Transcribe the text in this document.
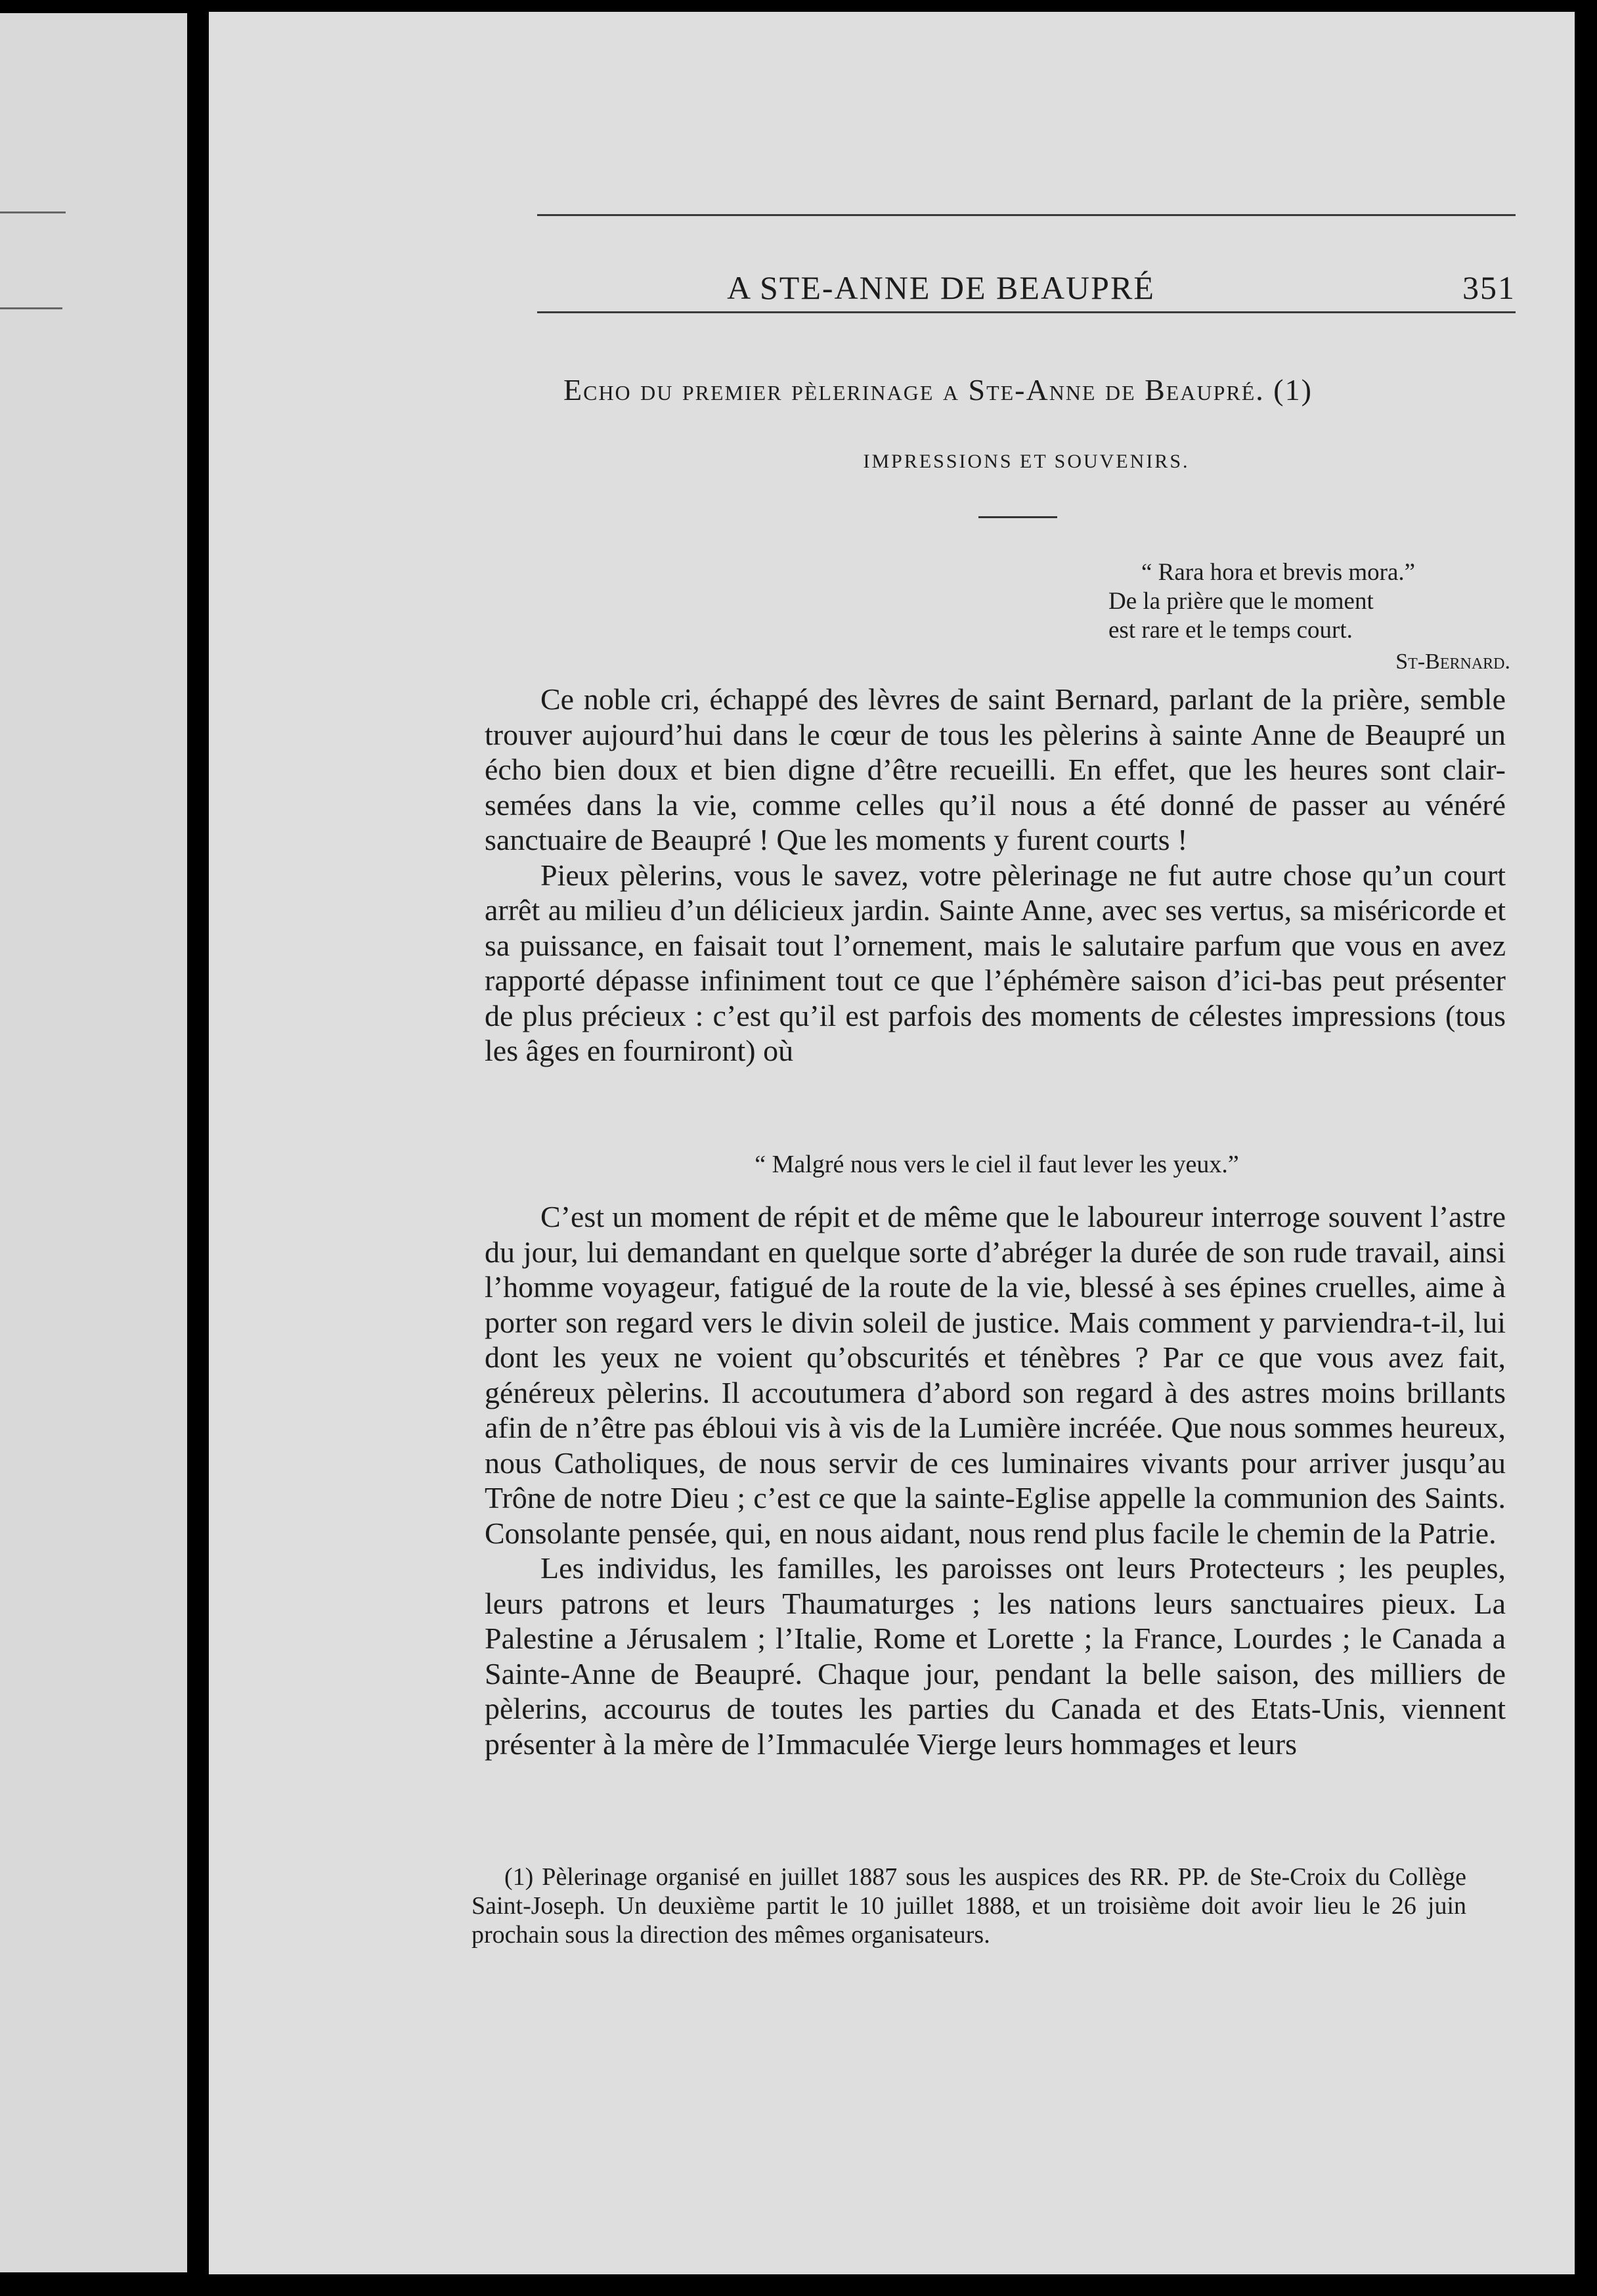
A STE-ANNE DE BEAUPRÉ	351
Echo du premier pèlerinage a Ste-Anne de Beaupré. (1)
IMPRESSIONS ET SOUVENIRS.
“ Rara hora et brevis mora.”
De la prière que le moment
est rare et le temps court.
St-Bernard.

Ce noble cri, échappé des lèvres de saint Bernard, parlant de la prière, semble trouver aujourd’hui dans le cœur de tous les pèlerins à sainte Anne de Beaupré un écho bien doux et bien digne d’être recueilli. En effet, que les heures sont clair-semées dans la vie, comme celles qu’il nous a été donné de passer au vénéré sanctuaire de Beaupré ! Que les moments y furent courts !

Pieux pèlerins, vous le savez, votre pèlerinage ne fut autre chose qu’un court arrêt au milieu d’un délicieux jardin. Sainte Anne, avec ses vertus, sa miséricorde et sa puissance, en faisait tout l’ornement, mais le salutaire parfum que vous en avez rapporté dépasse infiniment tout ce que l’éphémère saison d’ici-bas peut présenter de plus précieux : c’est qu’il est parfois des moments de célestes impressions (tous les âges en fourniront) où

“ Malgré nous vers le ciel il faut lever les yeux.”

C’est un moment de répit et de même que le laboureur interroge souvent l’astre du jour, lui demandant en quelque sorte d’abréger la durée de son rude travail, ainsi l’homme voyageur, fatigué de la route de la vie, blessé à ses épines cruelles, aime à porter son regard vers le divin soleil de justice. Mais comment y parviendra-t-il, lui dont les yeux ne voient qu’obscurités et ténèbres ? Par ce que vous avez fait, généreux pèlerins. Il accoutumera d’abord son regard à des astres moins brillants afin de n’être pas ébloui vis à vis de la Lumière incréée. Que nous sommes heureux, nous Catholiques, de nous servir de ces luminaires vivants pour arriver jusqu’au Trône de notre Dieu ; c’est ce que la sainte-Eglise appelle la communion des Saints. Consolante pensée, qui, en nous aidant, nous rend plus facile le chemin de la Patrie.

Les individus, les familles, les paroisses ont leurs Protecteurs ; les peuples, leurs patrons et leurs Thaumaturges ; les nations leurs sanctuaires pieux. La Palestine a Jérusalem ; l’Italie, Rome et Lorette ; la France, Lourdes ; le Canada a Sainte-Anne de Beaupré. Chaque jour, pendant la belle saison, des milliers de pèlerins, accourus de toutes les parties du Canada et des Etats-Unis, viennent présenter à la mère de l’Immaculée Vierge leurs hommages et leurs

(1) Pèlerinage organisé en juillet 1887 sous les auspices des RR. PP. de Ste-Croix du Collège Saint-Joseph. Un deuxième partit le 10 juillet 1888, et un troisième doit avoir lieu le 26 juin prochain sous la direction des mêmes organisateurs.
